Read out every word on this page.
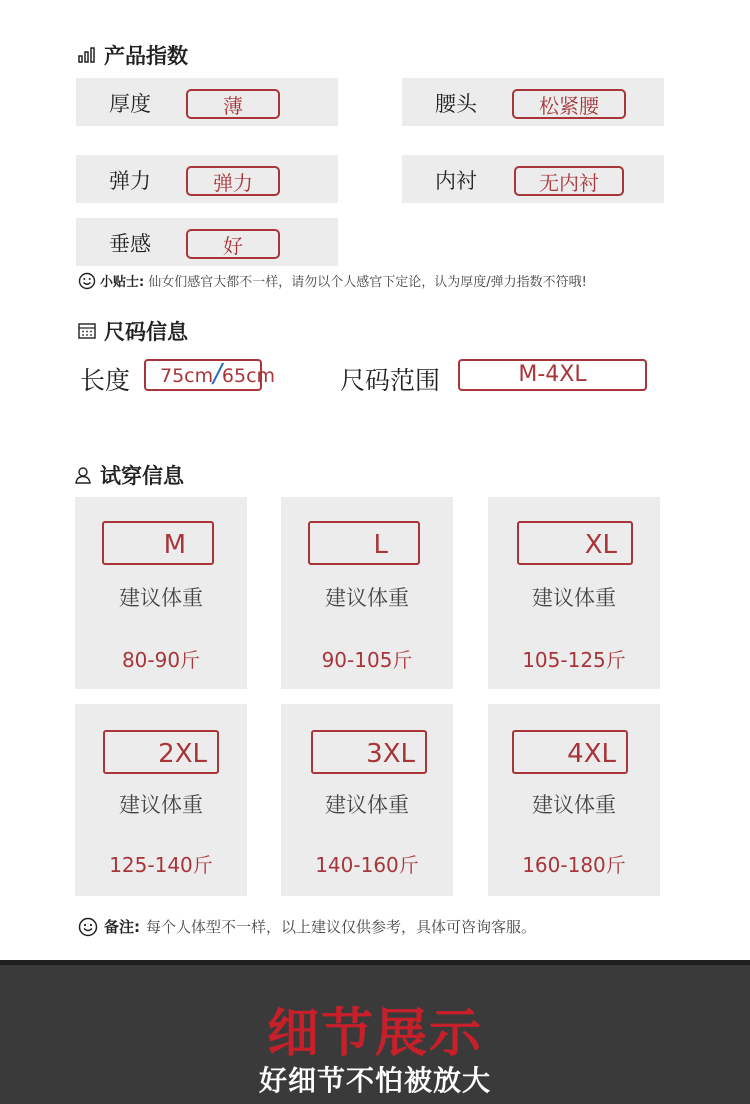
产品指数
厚度	薄	腰头	松紧腰
弹力	弹力	内衬	无内衬
垂感	好
小贴士: 仙女们感官大都不一样，请勿以个人感官下定论，认为厚度/弹力指数不符哦!
尺码信息
长度 75cm/65cm	尺码范围	M-4XL
试穿信息
M
建议体重
80-90斤
L
建议体重
90-105斤
XL
建议体重
105-125斤
2XL
建议体重
125-140斤
3XL
建议体重
140-160斤
4XL
建议体重
160-180斤
备注: 每个人体型不一样，以上建议仅供参考，具体可咨询客服。
细节展示
好细节不怕被放大
